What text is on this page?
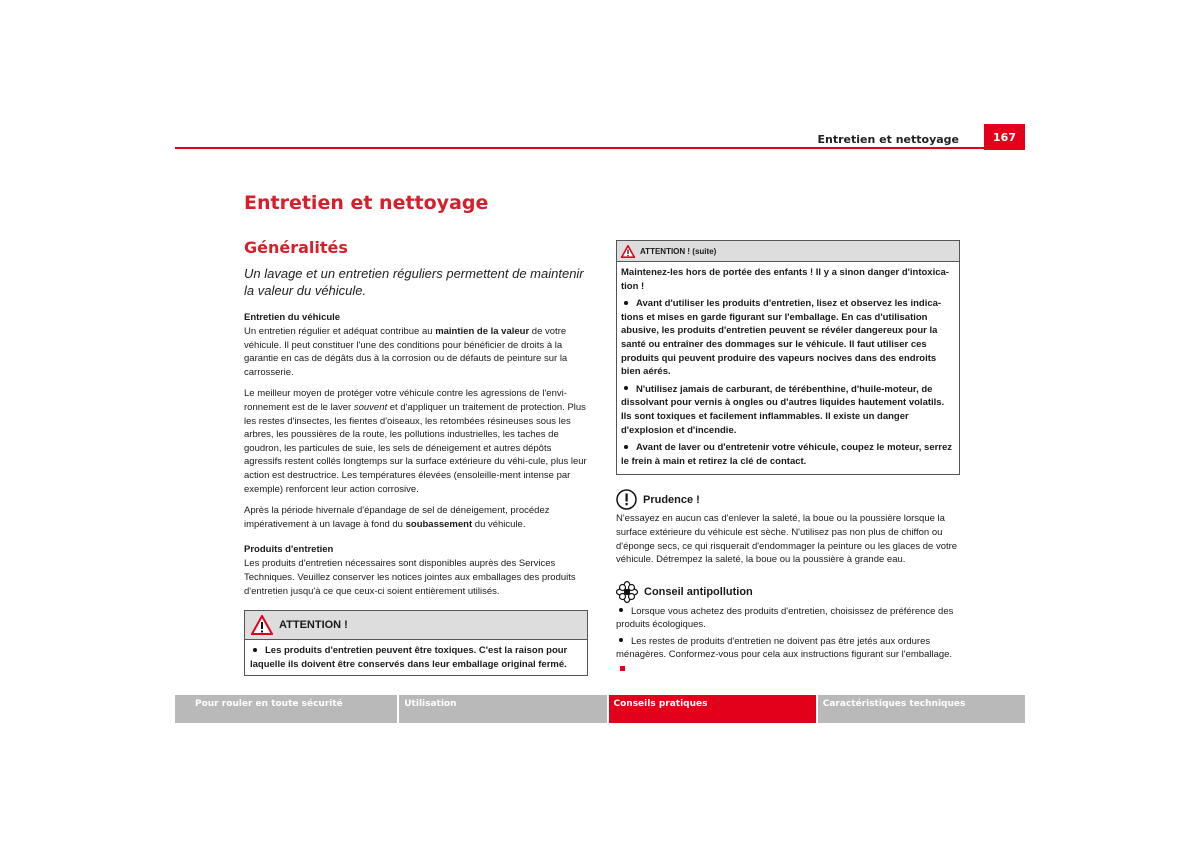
Entretien et nettoyage	167
Entretien et nettoyage
Généralités

Un lavage et un entretien réguliers permettent de maintenir la valeur du véhicule.

Entretien du véhicule

Un entretien régulier et adéquat contribue au maintien de la valeur de votre véhicule. Il peut constituer l'une des conditions pour bénéficier de droits à la garantie en cas de dégâts dus à la corrosion ou de défauts de peinture sur la carrosserie.

Le meilleur moyen de protéger votre véhicule contre les agressions de l'envi-ronnement est de le laver souvent et d'appliquer un traitement de protection. Plus les restes d'insectes, les fientes d'oiseaux, les retombées résineuses sous les arbres, les poussières de la route, les pollutions industrielles, les taches de goudron, les particules de suie, les sels de déneigement et autres dépôts agressifs restent collés longtemps sur la surface extérieure du véhi-cule, plus leur action est destructrice. Les températures élevées (ensoleille-ment intense par exemple) renforcent leur action corrosive.

Après la période hivernale d'épandage de sel de déneigement, procédez impérativement à un lavage à fond du soubassement du véhicule.

Produits d'entretien

Les produits d'entretien nécessaires sont disponibles auprès des Services Techniques. Veuillez conserver les notices jointes aux emballages des produits d'entretien jusqu'à ce que ceux-ci soient entièrement utilisés.

ATTENTION !
Les produits d'entretien peuvent être toxiques. C'est la raison pour laquelle ils doivent être conservés dans leur emballage original fermé.
ATTENTION ! (suite)

Maintenez-les hors de portée des enfants ! Il y a sinon danger d'intoxica-tion !

Avant d'utiliser les produits d'entretien, lisez et observez les indica-tions et mises en garde figurant sur l'emballage. En cas d'utilisation abusive, les produits d'entretien peuvent se révéler dangereux pour la santé ou entraîner des dommages sur le véhicule. Il faut utiliser ces produits qui peuvent produire des vapeurs nocives dans des endroits bien aérés.

N'utilisez jamais de carburant, de térébenthine, d'huile-moteur, de dissolvant pour vernis à ongles ou d'autres liquides hautement volatils. Ils sont toxiques et facilement inflammables. Il existe un danger d'explosion et d'incendie.

Avant de laver ou d'entretenir votre véhicule, coupez le moteur, serrez le frein à main et retirez la clé de contact.

Prudence !
N'essayez en aucun cas d'enlever la saleté, la boue ou la poussière lorsque la surface extérieure du véhicule est sèche. N'utilisez pas non plus de chiffon ou d'éponge secs, ce qui risquerait d'endommager la peinture ou les glaces de votre véhicule. Détrempez la saleté, la boue ou la poussière à grande eau.
Conseil antipollution

Lorsque vous achetez des produits d'entretien, choisissez de préférence des produits écologiques.

Les restes de produits d'entretien ne doivent pas être jetés aux ordures ménagères. Conformez-vous pour cela aux instructions figurant sur l'emballage.

Pour rouler en toute sécurité	Utilisation	Conseils pratiques	Caractéristiques techniques
